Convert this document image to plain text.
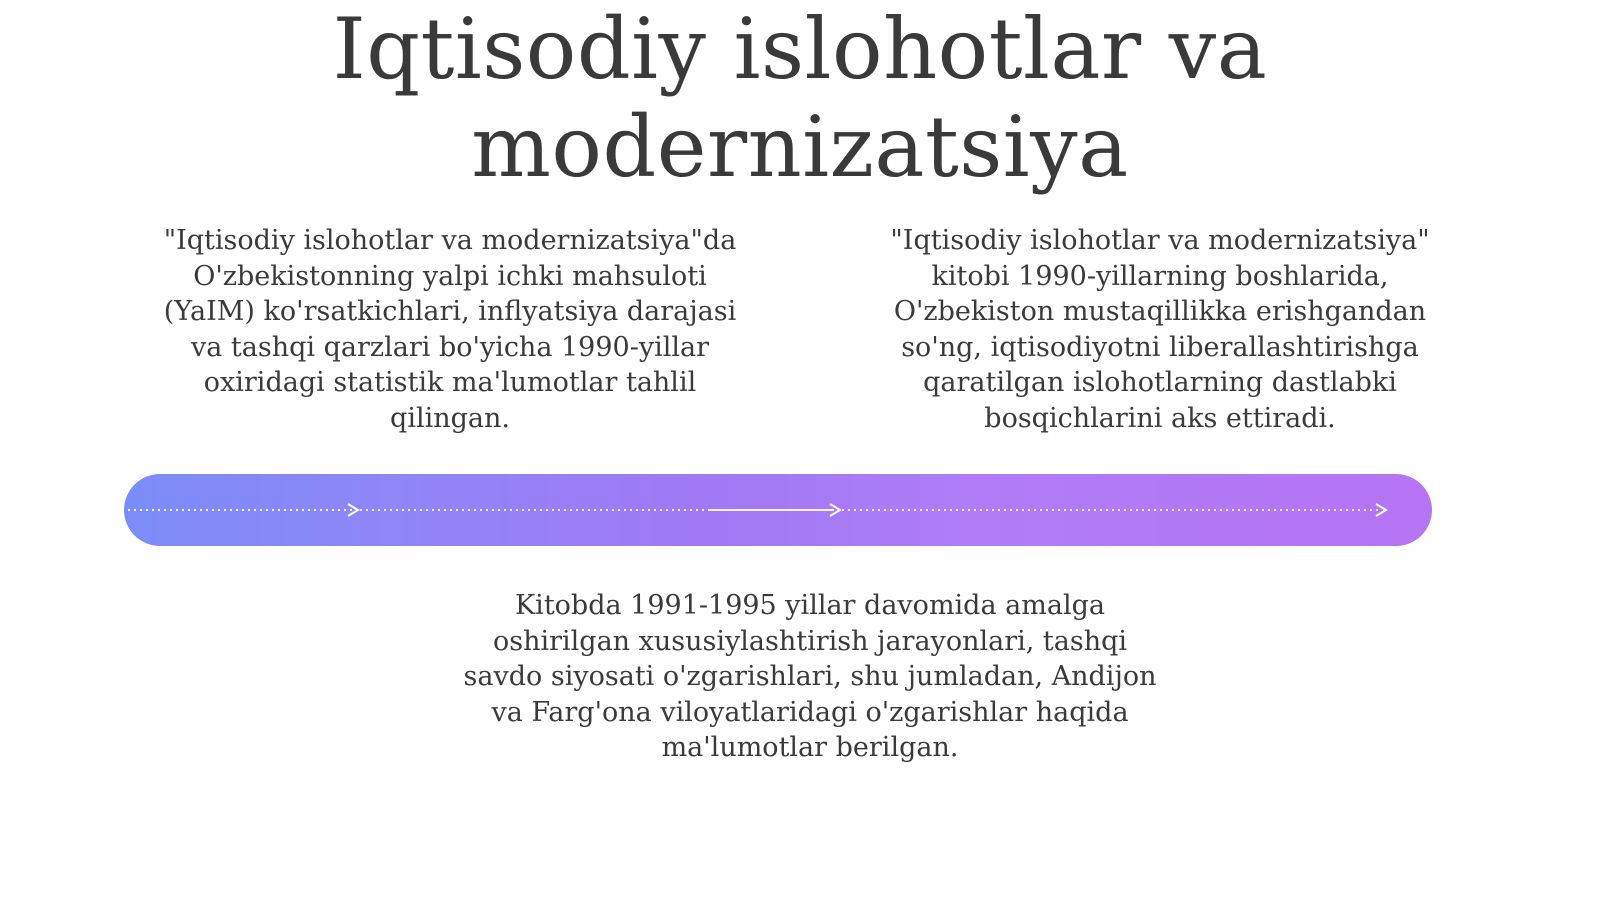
Iqtisodiy islohotlar va modernizatsiya

"Iqtisodiy islohotlar va modernizatsiya"da O'zbekistonning yalpi ichki mahsuloti (YaIM) ko'rsatkichlari, inflyatsiya darajasi va tashqi qarzlari bo'yicha 1990-yillar oxiridagi statistik ma'lumotlar tahlil qilingan.

"Iqtisodiy islohotlar va modernizatsiya" kitobi 1990-yillarning boshlarida, O'zbekiston mustaqillikka erishgandan so'ng, iqtisodiyotni liberallashtirishga qaratilgan islohotlarning dastlabki bosqichlarini aks ettiradi.

Kitobda 1991-1995 yillar davomida amalga oshirilgan xususiylashtirish jarayonlari, tashqi savdo siyosati o'zgarishlari, shu jumladan, Andijon va Farg'ona viloyatlaridagi o'zgarishlar haqida ma'lumotlar berilgan.
